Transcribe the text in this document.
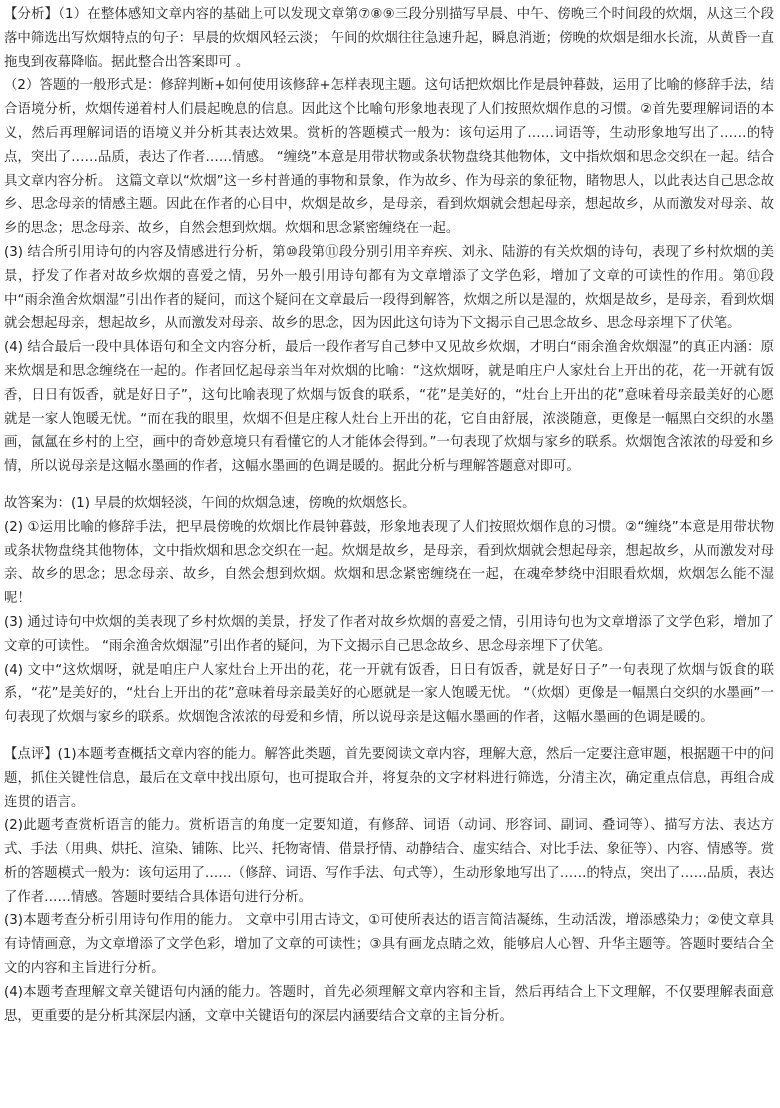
【分析】（1）在整体感知文章内容的基础上可以发现文章第⑦⑧⑨三段分别描写早晨、中午、傍晚三个时间段的炊烟，从这三个段落中筛选出写炊烟特点的句子：早晨的炊烟风轻云淡； 午间的炊烟往往急速升起，瞬息消逝；傍晚的炊烟是细水长流，从黄昏一直拖曳到夜幕降临。据此整合出答案即可 。

（2）答题的一般形式是：修辞判断+如何使用该修辞+怎样表现主题。这句话把炊烟比作是晨钟暮鼓，运用了比喻的修辞手法，结合语境分析，炊烟传递着村人们晨起晚息的信息。因此这个比喻句形象地表现了人们按照炊烟作息的习惯。②首先要理解词语的本义，然后再理解词语的语境义并分析其表达效果。赏析的答题模式一般为：该句运用了……词语等，生动形象地写出了……的特点，突出了……品质，表达了作者……情感。 “缠绕”本意是用带状物或条状物盘绕其他物体，文中指炊烟和思念交织在一起。结合具文章内容分析。 这篇文章以“炊烟”这一乡村普通的事物和景象，作为故乡、作为母亲的象征物，睹物思人，以此表达自己思念故乡、思念母亲的情感主题。因此在作者的心目中，炊烟是故乡，是母亲，看到炊烟就会想起母亲，想起故乡，从而激发对母亲、故乡的思念；思念母亲、故乡，自然会想到炊烟。炊烟和思念紧密缠绕在一起。

(3) 结合所引用诗句的内容及情感进行分析，第⑩段第⑪段分别引用辛弃疾、刘永、陆游的有关炊烟的诗句，表现了乡村炊烟的美景，抒发了作者对故乡炊烟的喜爱之情，另外一般引用诗句都有为文章增添了文学色彩，增加了文章的可读性的作用。第⑪段中“雨余渔舍炊烟湿”引出作者的疑问，而这个疑问在文章最后一段得到解答，炊烟之所以是湿的，炊烟是故乡，是母亲，看到炊烟就会想起母亲，想起故乡，从而激发对母亲、故乡的思念，因为因此这句诗为下文揭示自己思念故乡、思念母亲埋下了伏笔。

(4) 结合最后一段中具体语句和全文内容分析，最后一段作者写自己梦中又见故乡炊烟，才明白“雨余渔舍炊烟湿”的真正内涵：原来炊烟是和思念缠绕在一起的。作者回忆起母亲当年对炊烟的比喻：“这炊烟呀，就是咱庄户人家灶台上开出的花，花一开就有饭香，日日有饭香，就是好日子”，这句比喻表现了炊烟与饭食的联系，“花”是美好的，“灶台上开出的花”意味着母亲最美好的心愿就是一家人饱暖无忧。“而在我的眼里，炊烟不但是庄稼人灶台上开出的花，它自由舒展，浓淡随意，更像是一幅黑白交织的水墨画，氤氲在乡村的上空，画中的奇妙意境只有看懂它的人才能体会得到。”一句表现了炊烟与家乡的联系。炊烟饱含浓浓的母爱和乡情，所以说母亲是这幅水墨画的作者，这幅水墨画的色调是暖的。据此分析与理解答题意对即可。

故答案为：(1) 早晨的炊烟轻淡，午间的炊烟急速，傍晚的炊烟悠长。

(2) ①运用比喻的修辞手法，把早晨傍晚的炊烟比作晨钟暮鼓，形象地表现了人们按照炊烟作息的习惯。②“缠绕”本意是用带状物或条状物盘绕其他物体，文中指炊烟和思念交织在一起。炊烟是故乡，是母亲，看到炊烟就会想起母亲，想起故乡，从而激发对母亲、故乡的思念；思念母亲、故乡，自然会想到炊烟。炊烟和思念紧密缠绕在一起，在魂牵梦绕中泪眼看炊烟，炊烟怎么能不湿呢！

(3) 通过诗句中炊烟的美表现了乡村炊烟的美景，抒发了作者对故乡炊烟的喜爱之情，引用诗句也为文章增添了文学色彩，增加了文章的可读性。 “雨余渔舍炊烟湿”引出作者的疑问，为下文揭示自己思念故乡、思念母亲埋下了伏笔。

(4) 文中“这炊烟呀，就是咱庄户人家灶台上开出的花，花一开就有饭香，日日有饭香，就是好日子”一句表现了炊烟与饭食的联系，“花”是美好的，“灶台上开出的花”意味着母亲最美好的心愿就是一家人饱暖无忧。 “（炊烟）更像是一幅黑白交织的水墨画”一句表现了炊烟与家乡的联系。炊烟饱含浓浓的母爱和乡情，所以说母亲是这幅水墨画的作者，这幅水墨画的色调是暖的。

【点评】(1)本题考查概括文章内容的能力。解答此类题，首先要阅读文章内容，理解大意，然后一定要注意审题，根据题干中的问题，抓住关键性信息，最后在文章中找出原句，也可提取合并，将复杂的文字材料进行筛选，分清主次，确定重点信息，再组合成连贯的语言。

(2)此题考查赏析语言的能力。赏析语言的角度一定要知道，有修辞、词语（动词、形容词、副词、叠词等）、描写方法、表达方式、手法（用典、烘托、渲染、铺陈、比兴、托物寄情、借景抒情、动静结合、虚实结合、对比手法、象征等）、内容、情感等。赏析的答题模式一般为：该句运用了……（修辞、词语、写作手法、句式等），生动形象地写出了……的特点，突出了……品质，表达了作者……情感。答题时要结合具体语句进行分析。

(3)本题考查分析引用诗句作用的能力。 文章中引用古诗文，①可使所表达的语言简洁凝练，生动活泼，增添感染力；②使文章具有诗情画意，为文章增添了文学色彩，增加了文章的可读性；③具有画龙点睛之效，能够启人心智、升华主题等。答题时要结合全文的内容和主旨进行分析。

(4)本题考查理解文章关键语句内涵的能力。答题时，首先必须理解文章内容和主旨，然后再结合上下文理解，不仅要理解表面意思，更重要的是分析其深层内涵，文章中关键语句的深层内涵要结合文章的主旨分析。
